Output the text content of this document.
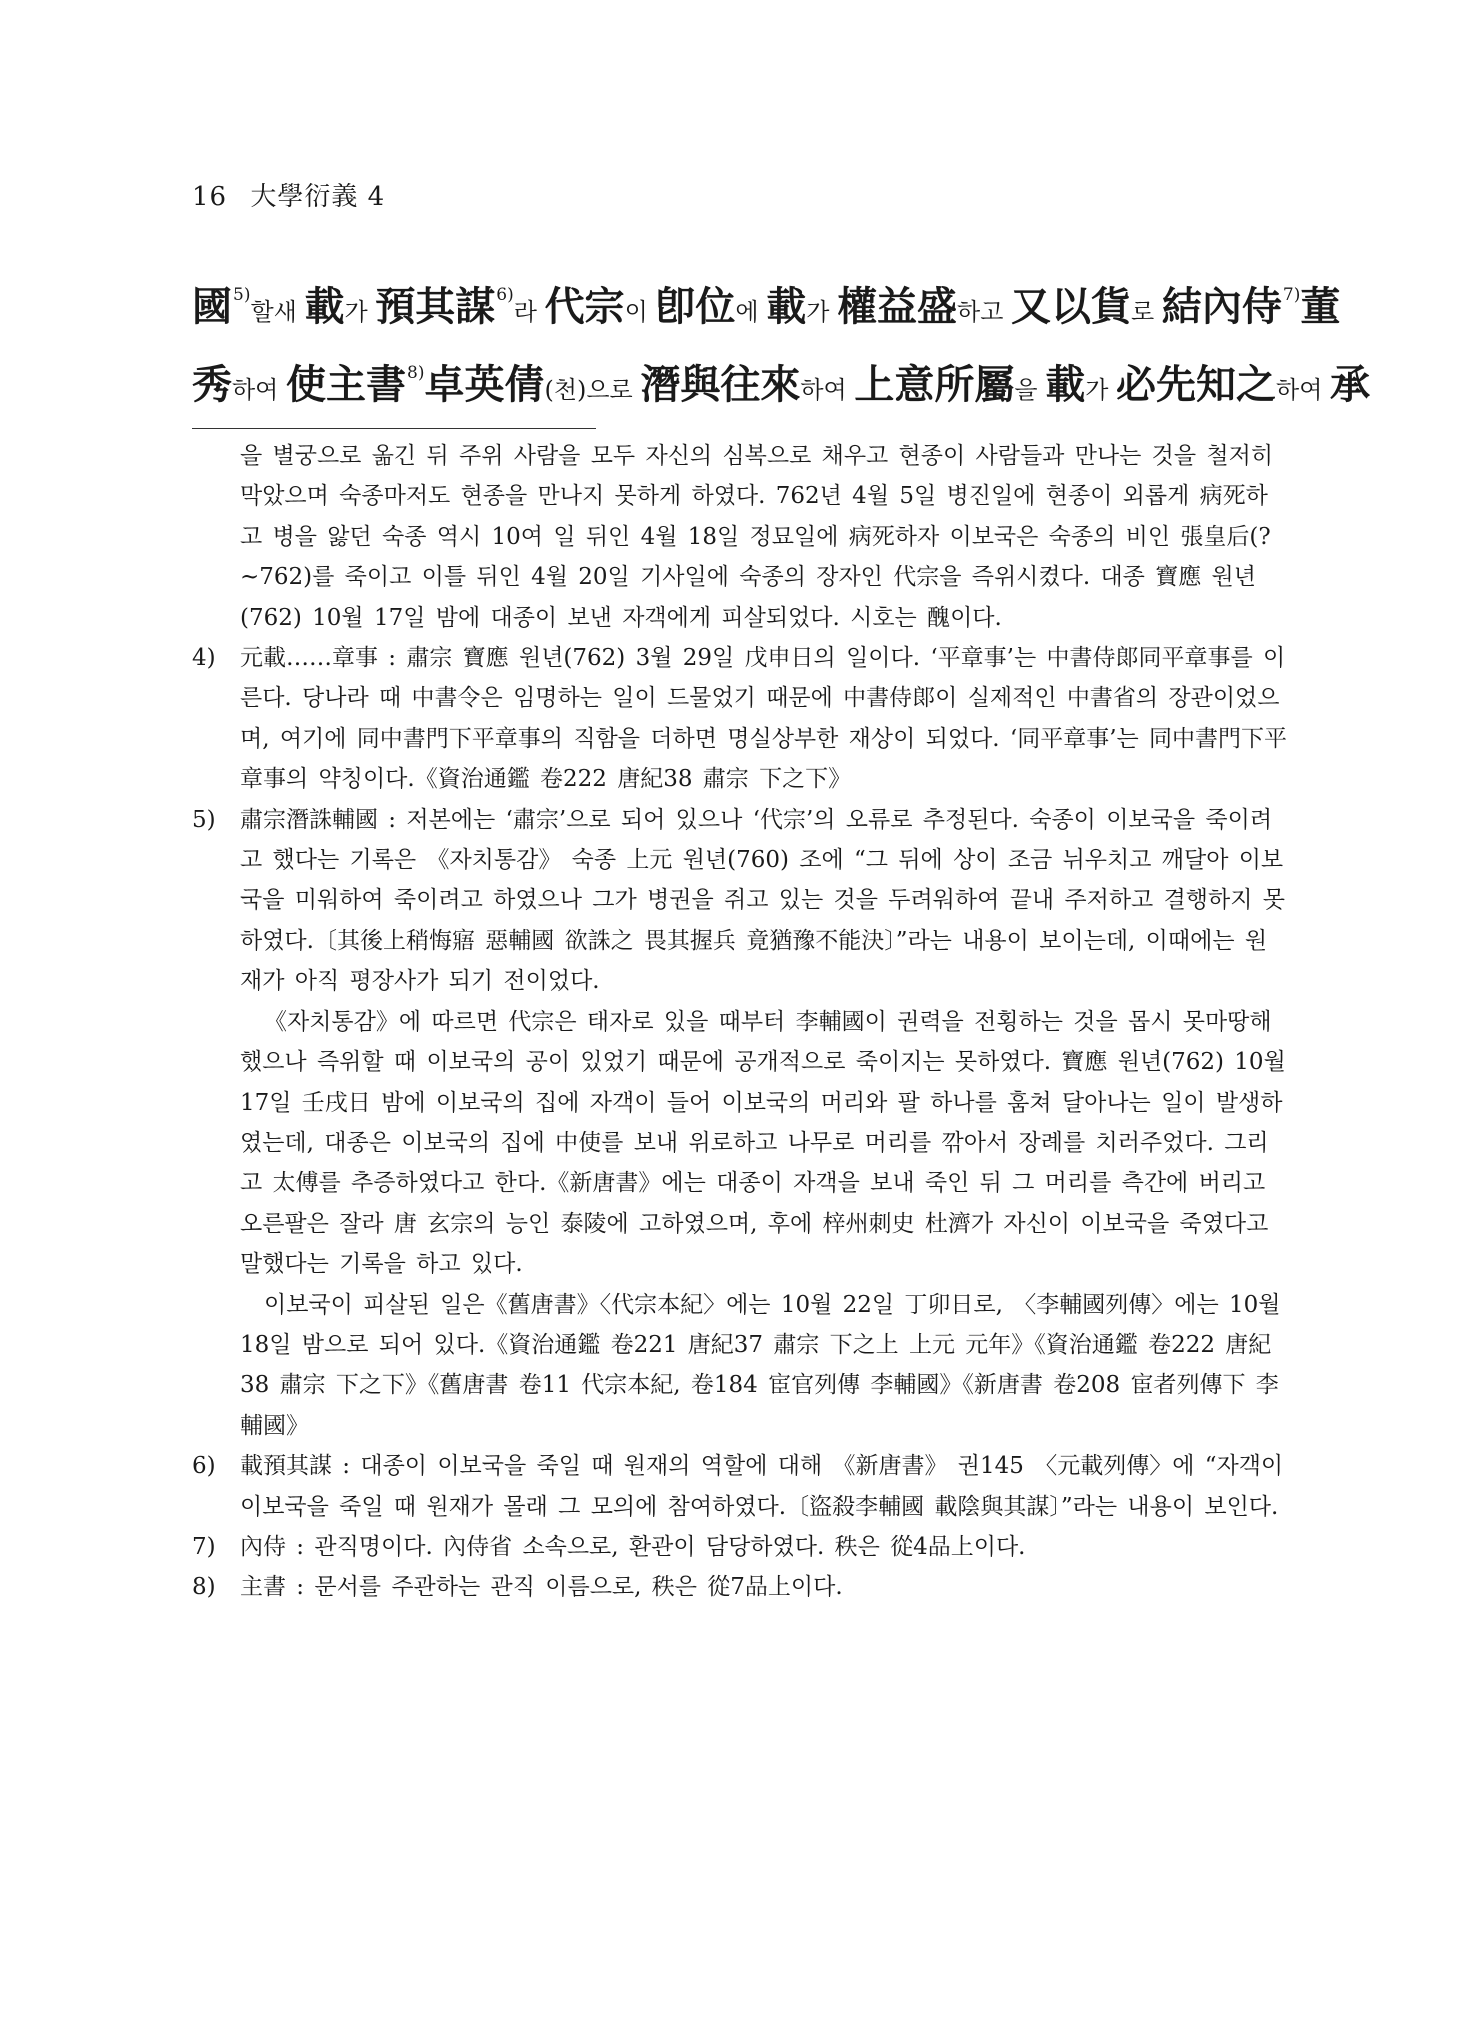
16 大學衍義 4
國$^{5)}$할새 載가 預其謀$^{6)}$라 代宗이 卽位에 載가 權益盛하고 又以貨로 結內侍$^{7)}$董
秀하여 使主書$^{8)}$卓英倩(천)으로 潛與往來하여 上意所屬을 載가 必先知之하여 承
을 별궁으로 옮긴 뒤 주위 사람을 모두 자신의 심복으로 채우고 현종이 사람들과 만나는 것을 철저히 막았으며 숙종마저도 현종을 만나지 못하게 하였다. 762년 4월 5일 병진일에 현종이 외롭게 病死하고 병을 앓던 숙종 역시 10여 일 뒤인 4월 18일 정묘일에 病死하자 이보국은 숙종의 비인 張皇后(?~762)를 죽이고 이틀 뒤인 4월 20일 기사일에 숙종의 장자인 代宗을 즉위시켰다. 대종 寶應 원년(762) 10월 17일 밤에 대종이 보낸 자객에게 피살되었다. 시호는 醜이다.
4) 元載……章事 : 肅宗 寶應 원년(762) 3월 29일 戊申日의 일이다. ‘平章事’는 中書侍郞同平章事를 이른다. 당나라 때 中書令은 임명하는 일이 드물었기 때문에 中書侍郞이 실제적인 中書省의 장관이었으며, 여기에 同中書門下平章事의 직함을 더하면 명실상부한 재상이 되었다. ‘同平章事’는 同中書門下平章事의 약칭이다.《資治通鑑 卷222 唐紀38 肅宗 下之下》
5) 肅宗潛誅輔國 : 저본에는 ‘肅宗’으로 되어 있으나 ‘代宗’의 오류로 추정된다. 숙종이 이보국을 죽이려고 했다는 기록은 《자치통감》 숙종 上元 원년(760) 조에 “그 뒤에 상이 조금 뉘우치고 깨달아 이보국을 미워하여 죽이려고 하였으나 그가 병권을 쥐고 있는 것을 두려워하여 끝내 주저하고 결행하지 못하였다.〔其後上稍悔寤 惡輔國 欲誅之 畏其握兵 竟猶豫不能決〕”라는 내용이 보이는데, 이때에는 원재가 아직 평장사가 되기 전이었다.
《자치통감》에 따르면 代宗은 태자로 있을 때부터 李輔國이 권력을 전횡하는 것을 몹시 못마땅해했으나 즉위할 때 이보국의 공이 있었기 때문에 공개적으로 죽이지는 못하였다. 寶應 원년(762) 10월 17일 壬戌日 밤에 이보국의 집에 자객이 들어 이보국의 머리와 팔 하나를 훔쳐 달아나는 일이 발생하였는데, 대종은 이보국의 집에 中使를 보내 위로하고 나무로 머리를 깎아서 장례를 치러주었다. 그리고 太傅를 추증하였다고 한다.《新唐書》에는 대종이 자객을 보내 죽인 뒤 그 머리를 측간에 버리고 오른팔은 잘라 唐 玄宗의 능인 泰陵에 고하였으며, 후에 梓州刺史 杜濟가 자신이 이보국을 죽였다고 말했다는 기록을 하고 있다.
이보국이 피살된 일은《舊唐書》〈代宗本紀〉에는 10월 22일 丁卯日로, 〈李輔國列傳〉에는 10월 18일 밤으로 되어 있다.《資治通鑑 卷221 唐紀37 肅宗 下之上 上元 元年》《資治通鑑 卷222 唐紀38 肅宗 下之下》《舊唐書 卷11 代宗本紀, 卷184 宦官列傳 李輔國》《新唐書 卷208 宦者列傳下 李輔國》
6) 載預其謀 : 대종이 이보국을 죽일 때 원재의 역할에 대해 《新唐書》 권145 〈元載列傳〉에 “자객이 이보국을 죽일 때 원재가 몰래 그 모의에 참여하였다.〔盜殺李輔國 載陰與其謀〕”라는 내용이 보인다.
7) 內侍 : 관직명이다. 內侍省 소속으로, 환관이 담당하였다. 秩은 從4品上이다.
8) 主書 : 문서를 주관하는 관직 이름으로, 秩은 從7品上이다.
